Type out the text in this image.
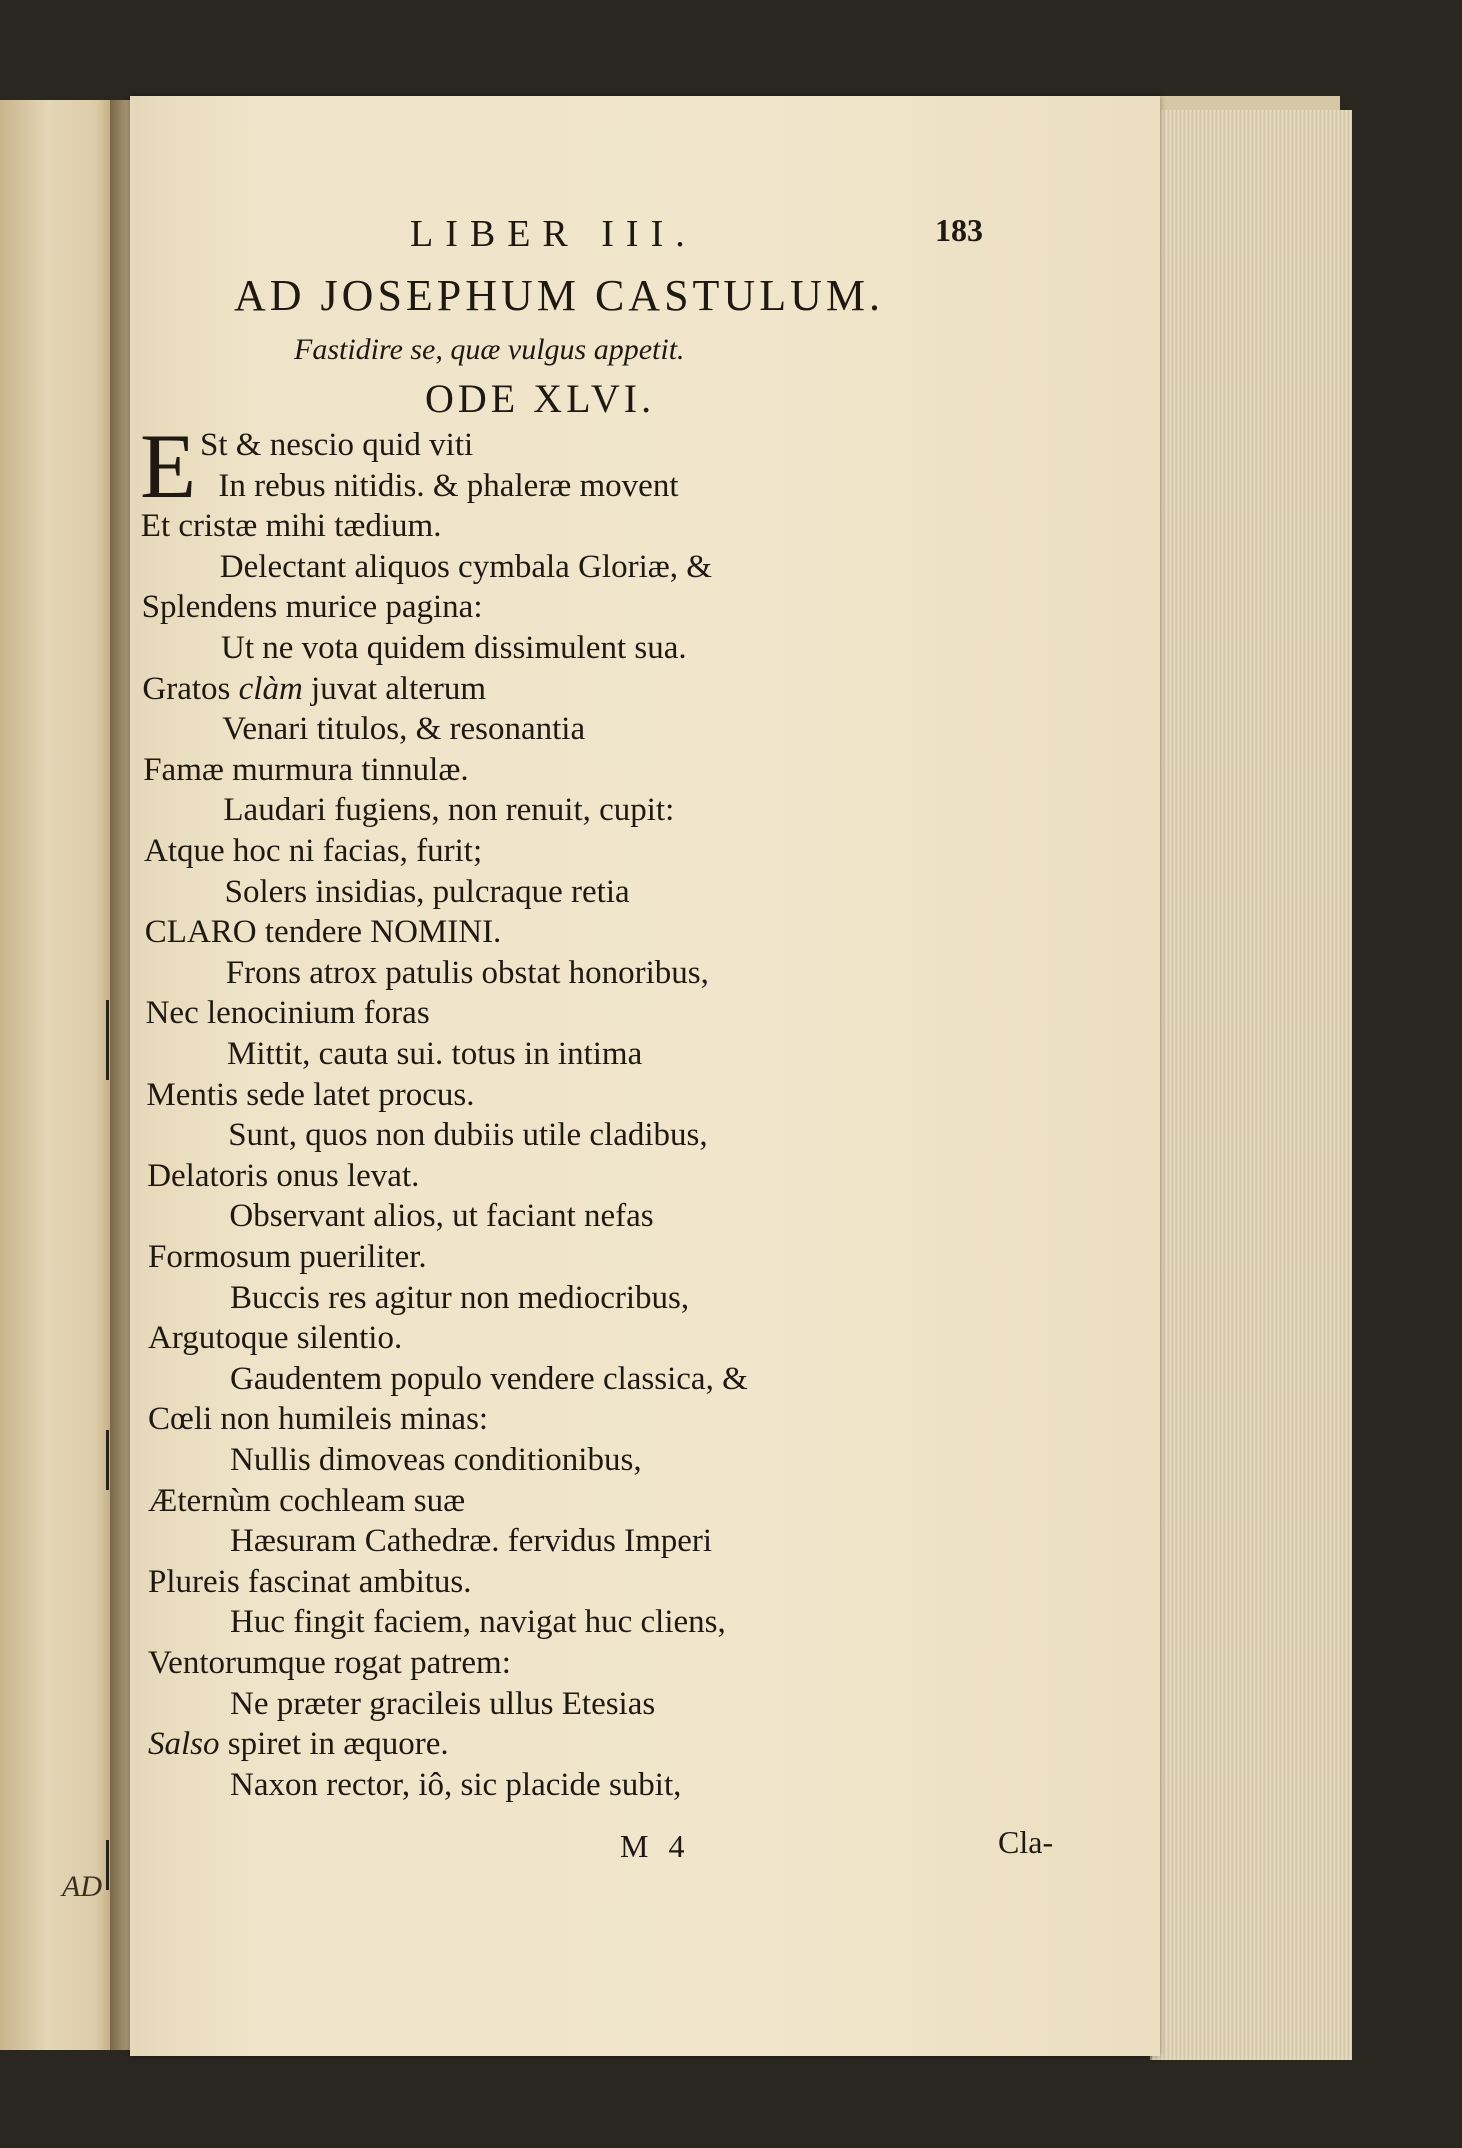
AD
LIBER III.	183
AD JOSEPHUM CASTULUM.
Fastidire se, quæ vulgus appetit.
ODE XLVI.
E St & nescio quid viti
In rebus nitidis. & phaleræ movent
Et cristæ mihi tædium.
Delectant aliquos cymbala Gloriæ, &
Splendens murice pagina:
Ut ne vota quidem dissimulent sua.
Gratos clàm juvat alterum
Venari titulos, & resonantia
Famæ murmura tinnulæ.
Laudari fugiens, non renuit, cupit:
Atque hoc ni facias, furit;
Solers insidias, pulcraque retia
CLARO tendere NOMINI.
Frons atrox patulis obstat honoribus,
Nec lenocinium foras
Mittit, cauta sui. totus in intima
Mentis sede latet procus.
Sunt, quos non dubiis utile cladibus,
Delatoris onus levat.
Observant alios, ut faciant nefas
Formosum pueriliter.
Buccis res agitur non mediocribus,
Argutoque silentio.
Gaudentem populo vendere classica, &
Cœli non humileis minas:
Nullis dimoveas conditionibus,
Æternùm cochleam suæ
Hæsuram Cathedræ. fervidus Imperi
Plureis fascinat ambitus.
Huc fingit faciem, navigat huc cliens,
Ventorumque rogat patrem:
Ne præter gracileis ullus Etesias
Salso spiret in æquore.
Naxon rector, iô, sic placide subit,
M 4	Cla-
